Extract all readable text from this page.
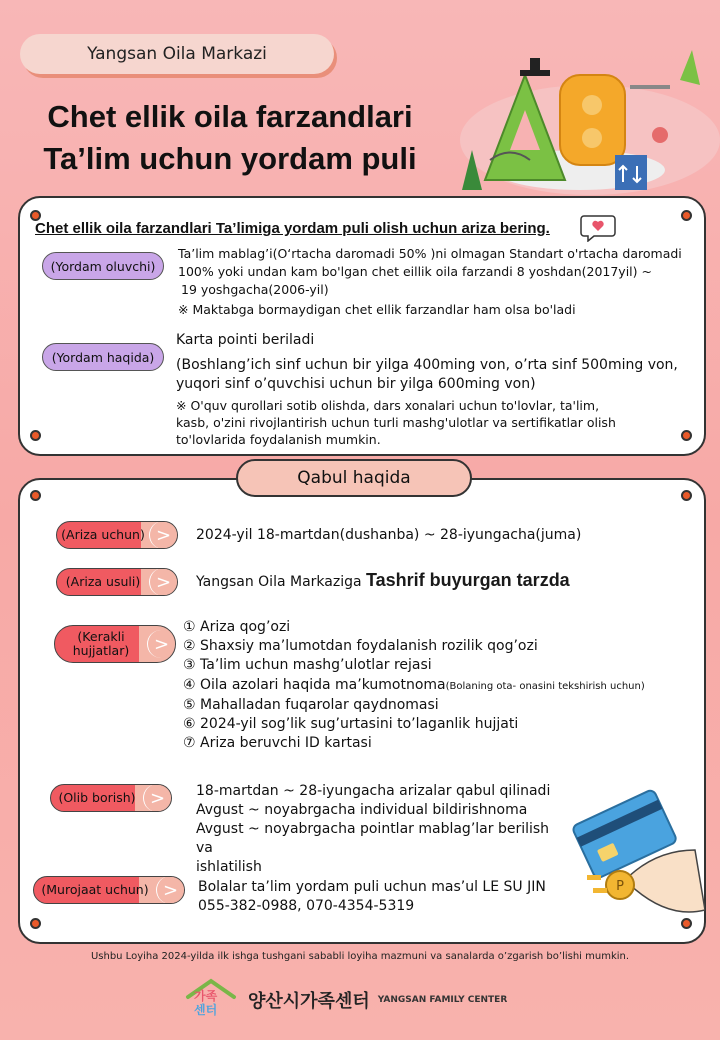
Yangsan Oila Markazi
Chet ellik oila farzandlari
Ta’lim uchun yordam puli
Chet ellik oila farzandlari Ta’limiga yordam puli olish uchun ariza bering.
(Yordam oluvchi)
Ta’lim mablag’i(O‘rtacha daromadi 50% )ni olmagan Standart o'rtacha daromadi
100% yoki undan kam bo'lgan chet eillik oila farzandi 8 yoshdan(2017yil) ~
19 yoshgacha(2006-yil)
※ Maktabga bormaydigan chet ellik farzandlar ham olsa bo'ladi
(Yordam haqida)
Karta pointi beriladi
(Boshlang’ich sinf uchun bir yilga 400ming von, o’rta sinf 500ming von,
yuqori sinf o’quvchisi uchun bir yilga 600ming von)
※ O'quv qurollari sotib olishda, dars xonalari uchun to'lovlar, ta'lim,
kasb, o'zini rivojlantirish uchun turli mashg'ulotlar va sertifikatlar olish
to'lovlarida foydalanish mumkin.
Qabul haqida
(Ariza uchun) >	2024-yil 18-martdan(dushanba) ~ 28-iyungacha(juma)
(Ariza usuli) >	Yangsan Oila Markaziga Tashrif buyurgan tarzda
(Kerakli
hujjatlar)	>
① Ariza qog’ozi
② Shaxsiy ma’lumotdan foydalanish rozilik qog’ozi
③ Ta’lim uchun mashg’ulotlar rejasi
④ Oila azolari haqida ma’kumotnoma(Bolaning ota- onasini tekshirish uchun)
⑤ Mahalladan fuqarolar qaydnomasi
⑥ 2024-yil sog’lik sug’urtasini to’laganlik hujjati
⑦ Ariza beruvchi ID kartasi
(Olib borish) >	18-martdan ~ 28-iyungacha arizalar qabul qilinadi
Avgust ~ noyabrgacha individual bildirishnoma
Avgust ~ noyabrgacha pointlar mablag’lar berilish va
ishlatilish
P
(Murojaat uchun) >	Bolalar ta’lim yordam puli uchun mas’ul LE SU JIN
055-382-0988, 070-4354-5319
Ushbu Loyiha 2024-yilda ilk ishga tushgani sababli loyiha mazmuni va sanalarda o’zgarish bo’lishi mumkin.
가족
센터 양산시가족센터 YANGSAN FAMILY CENTER
